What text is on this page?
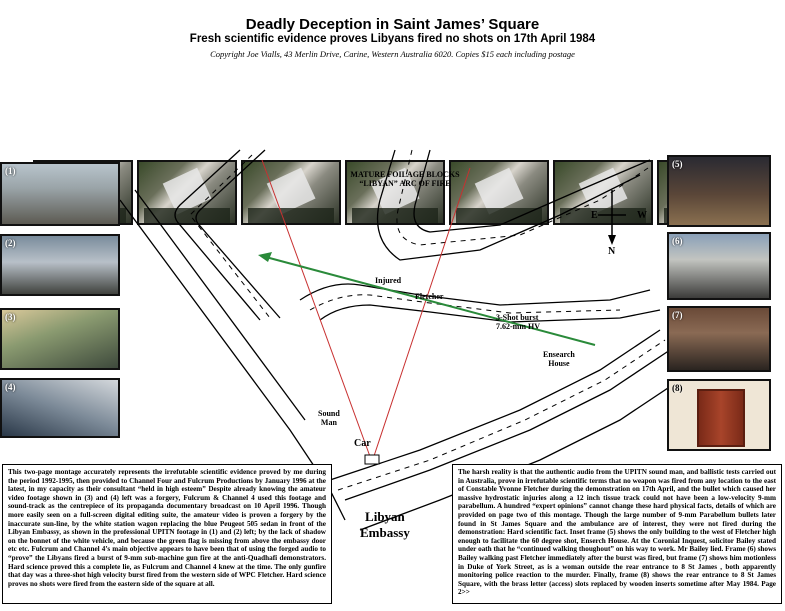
Deadly Deception in Saint James’ Square
Fresh scientific evidence proves Libyans fired no shots on 17th April 1984
Copyright Joe Vialls, 43 Merlin Drive, Carine, Western Australia 6020. Copies $15 each including postage
MATURE FOILAGE BLOCKS
“LIBYAN” ARC OF FIRE
Injured
Fletcher
3-Shot burst
7.62-mm HV
Ensearch
House
Sound
Man
Car
Libyan
Embassy
E	W
N
(1)
(2)
(3)
(4)
(5)
(6)
(7)
(8)
This two-page montage accurately represents the irrefutable scientific evidence proved by me during the period 1992-1995, then provided to Channel Four and Fulcrum Productions by January 1996 at the latest, in my capacity as their consultant “held in high esteem” Despite already knowing the amateur video footage shown in (3) and (4) left was a forgery, Fulcrum & Channel 4 used this footage and sound-track as the centrepiece of its propaganda documentary broadcast on 10 April 1996. Though more easily seen on a full-screen digital editing suite, the amateur video is proven a forgery by the inaccurate sun-line, by the white station wagon replacing the blue Peugeot 505 sedan in front of the Libyan Embassy, as shown in the professional UPITN footage in (1) and (2) left; by the lack of shadow on the bonnet of the white vehicle, and because the green flag is missing from above the embassy door etc etc. Fulcrum and Channel 4’s main objective appears to have been that of using the forged audio to “prove” the Libyans fired a burst of 9-mm sub-machine gun fire at the anti-Quadhafi demonstrators. Hard science proved this a complete lie, as Fulcrum and Channel 4 knew at the time. The only gunfire that day was a three-shot high velocity burst fired from the western side of WPC Fletcher. Hard science proves no shots were fired from the eastern side of the square at all.
The harsh reality is that the authentic audio from the UPITN sound man, and ballistic tests carried out in Australia, prove in irrefutable scientific terms that no weapon was fired from any location to the east of Constable Yvonne Fletcher during the demonstration on 17th April, and the bullet which caused her massive hydrostatic injuries along a 12 inch tissue track could not have been a low-velocity 9-mm parabellum. A hundred “expert opinions” cannot change these hard physical facts, details of which are provided on page two of this montage. Though the large number of 9-mm Parabellum bullets later found in St James Square and the ambulance are of interest, they were not fired during the demonstration: Hard scientific fact. Inset frame (5) shows the only building to the west of Fletcher high enough to facilitate the 60 degree shot, Enserch House. At the Coronial Inquest, solicitor Bailey stated under oath that he “continued walking thoughout” on his way to work. Mr Bailey lied. Frame (6) shows Bailey walking past Fletcher immediately after the burst was fired, but frame (7) shows him motionless in Duke of York Street, as is a woman outside the rear entrance to 8 St James , both apparently monitoring police reaction to the murder. Finally, frame (8) shows the rear entrance to 8 St James Square, with the brass letter (access) slots replaced by wooden inserts sometime after May 1984. Page 2>>
